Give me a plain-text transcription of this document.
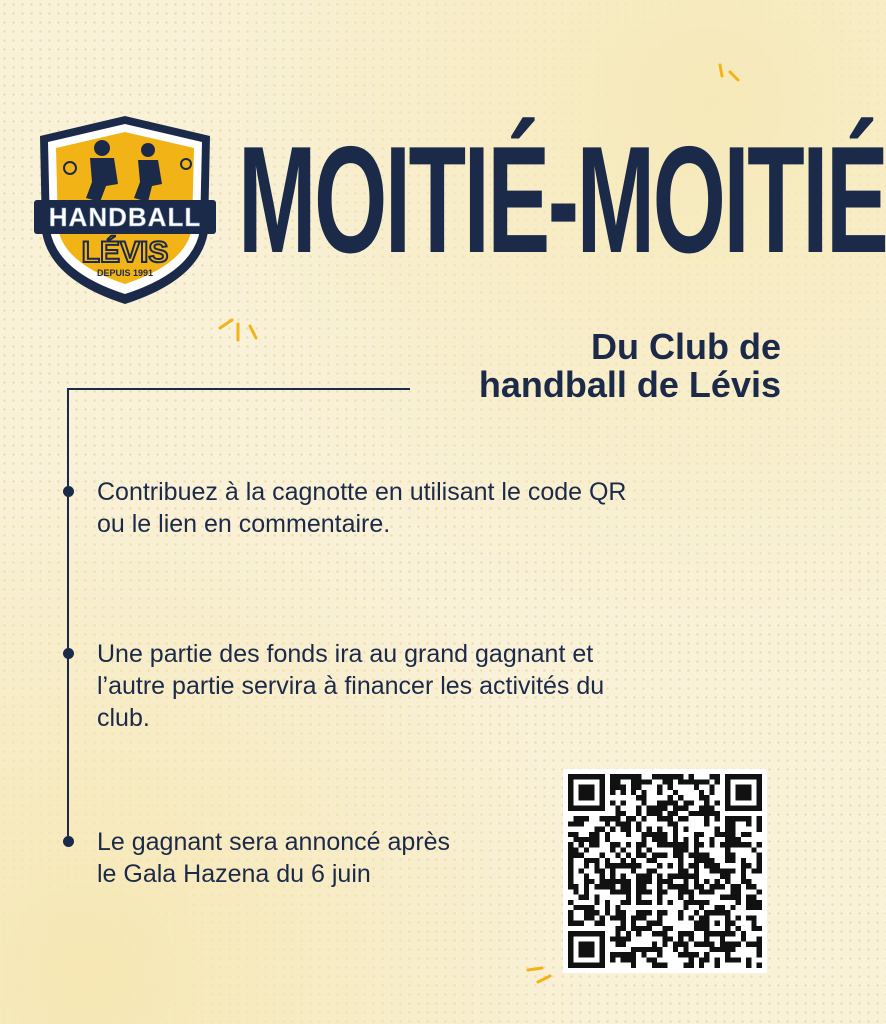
HANDBALL
LÉVIS
DEPUIS 1991 MOITIÉ-MOITIÉ
Du Club de
handball de Lévis
Contribuez à la cagnotte en utilisant le code QR
ou le lien en commentaire.
Une partie des fonds ira au grand gagnant et
l’autre partie servira à financer les activités du
club.
Le gagnant sera annoncé après
le Gala Hazena du 6 juin
